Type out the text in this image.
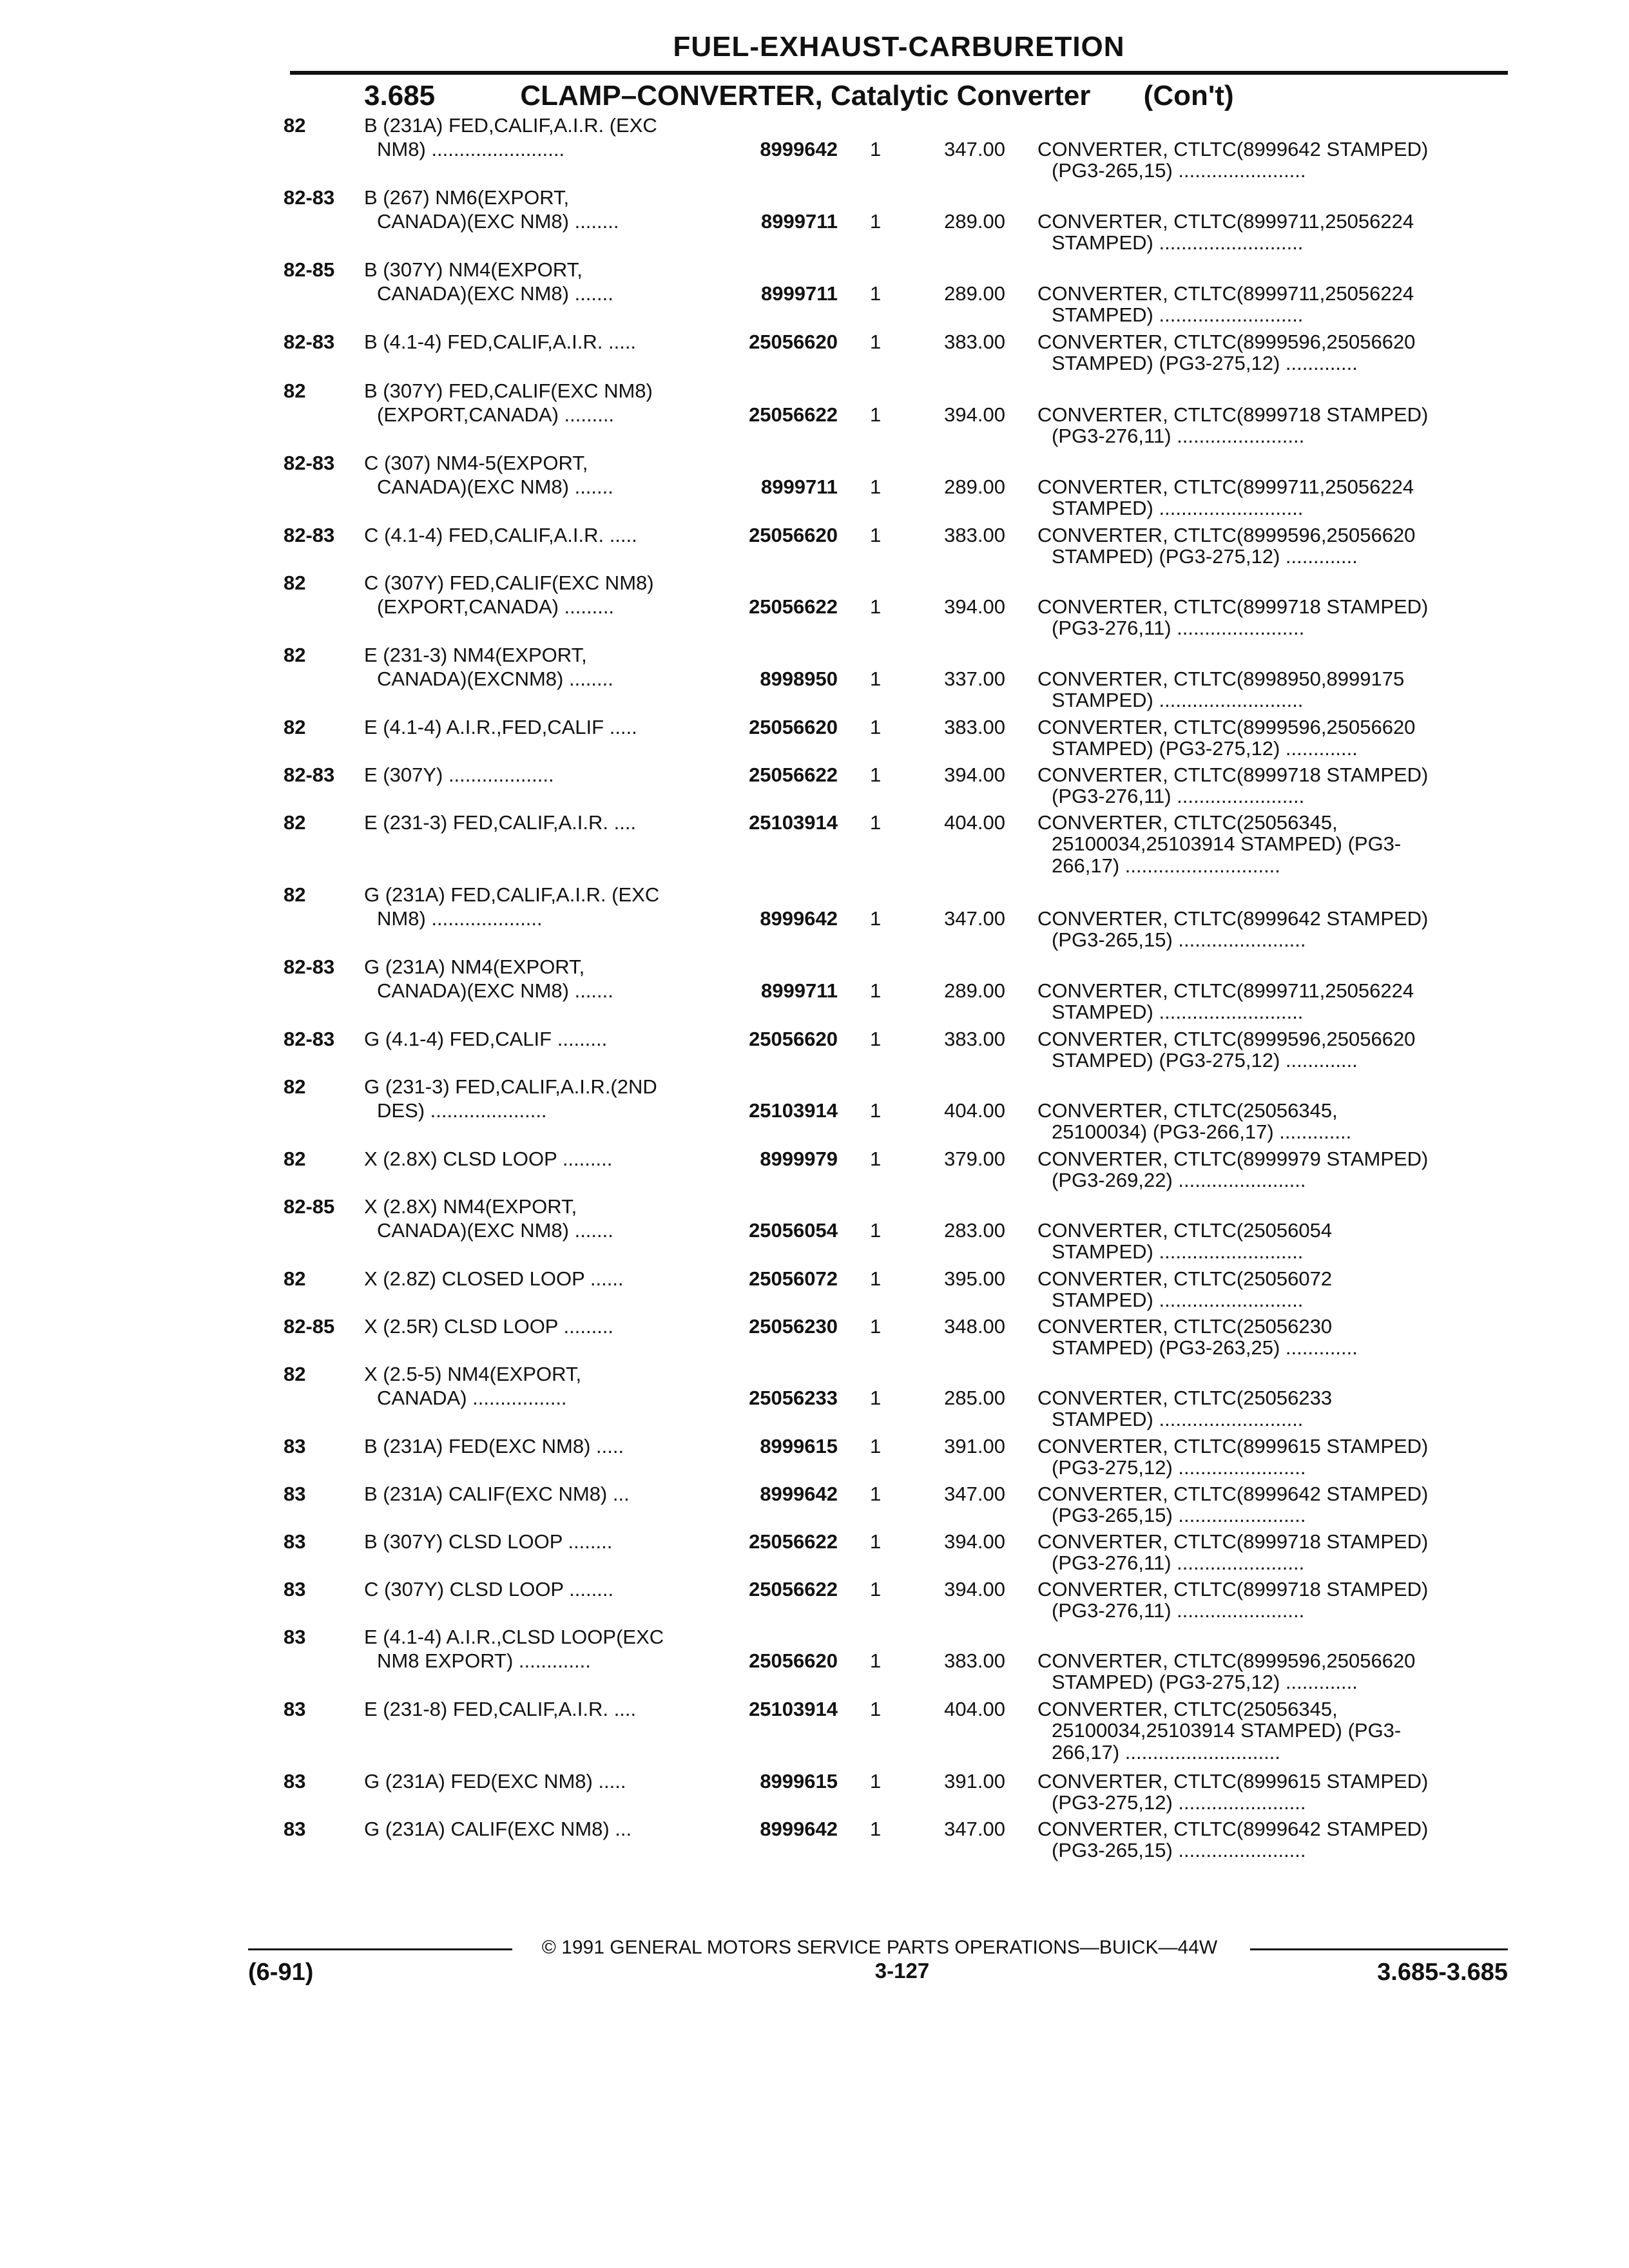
FUEL-EXHAUST-CARBURETION
3.685	CLAMP–CONVERTER, Catalytic Converter (Con't)
82	B (231A) FED,CALIF,A.I.R. (EXC
NM8) ........................	8999642 1	347.00 CONVERTER, CTLTC(8999642 STAMPED)
(PG3-265,15) .......................
82-83 B (267) NM6(EXPORT,
CANADA)(EXC NM8) ........	8999711 1	289.00 CONVERTER, CTLTC(8999711,25056224
STAMPED) ..........................
82-85 B (307Y) NM4(EXPORT,
CANADA)(EXC NM8) .......	8999711 1	289.00 CONVERTER, CTLTC(8999711,25056224
STAMPED) ..........................
82-83 B (4.1-4) FED,CALIF,A.I.R. .....	25056620 1	383.00 CONVERTER, CTLTC(8999596,25056620
STAMPED) (PG3-275,12) .............
82	B (307Y) FED,CALIF(EXC NM8)
(EXPORT,CANADA) .........	25056622 1	394.00 CONVERTER, CTLTC(8999718 STAMPED)
(PG3-276,11) .......................
82-83 C (307) NM4-5(EXPORT,
CANADA)(EXC NM8) .......	8999711 1	289.00 CONVERTER, CTLTC(8999711,25056224
STAMPED) ..........................
82-83 C (4.1-4) FED,CALIF,A.I.R. .....	25056620 1	383.00 CONVERTER, CTLTC(8999596,25056620
STAMPED) (PG3-275,12) .............
82	C (307Y) FED,CALIF(EXC NM8)
(EXPORT,CANADA) .........	25056622 1	394.00 CONVERTER, CTLTC(8999718 STAMPED)
(PG3-276,11) .......................
82	E (231-3) NM4(EXPORT,
CANADA)(EXCNM8) ........	8998950 1	337.00 CONVERTER, CTLTC(8998950,8999175
STAMPED) ..........................
82	E (4.1-4) A.I.R.,FED,CALIF .....	25056620 1	383.00 CONVERTER, CTLTC(8999596,25056620
STAMPED) (PG3-275,12) .............
82-83 E (307Y) ...................	25056622 1	394.00 CONVERTER, CTLTC(8999718 STAMPED)
(PG3-276,11) .......................
82	E (231-3) FED,CALIF,A.I.R. ....	25103914 1	404.00 CONVERTER, CTLTC(25056345,
25100034,25103914 STAMPED) (PG3-
266,17) ............................
82	G (231A) FED,CALIF,A.I.R. (EXC
NM8) ....................	8999642 1	347.00 CONVERTER, CTLTC(8999642 STAMPED)
(PG3-265,15) .......................
82-83 G (231A) NM4(EXPORT,
CANADA)(EXC NM8) .......	8999711 1	289.00 CONVERTER, CTLTC(8999711,25056224
STAMPED) ..........................
82-83 G (4.1-4) FED,CALIF .........	25056620 1	383.00 CONVERTER, CTLTC(8999596,25056620
STAMPED) (PG3-275,12) .............
82	G (231-3) FED,CALIF,A.I.R.(2ND
DES) .....................	25103914 1	404.00 CONVERTER, CTLTC(25056345,
25100034) (PG3-266,17) .............
82	X (2.8X) CLSD LOOP .........	8999979 1	379.00 CONVERTER, CTLTC(8999979 STAMPED)
(PG3-269,22) .......................
82-85 X (2.8X) NM4(EXPORT,
CANADA)(EXC NM8) .......	25056054 1	283.00 CONVERTER, CTLTC(25056054
STAMPED) ..........................
82	X (2.8Z) CLOSED LOOP ......	25056072 1	395.00 CONVERTER, CTLTC(25056072
STAMPED) ..........................
82-85 X (2.5R) CLSD LOOP .........	25056230 1	348.00 CONVERTER, CTLTC(25056230
STAMPED) (PG3-263,25) .............
82	X (2.5-5) NM4(EXPORT,
CANADA) .................	25056233 1	285.00 CONVERTER, CTLTC(25056233
STAMPED) ..........................
83	B (231A) FED(EXC NM8) .....	8999615 1	391.00 CONVERTER, CTLTC(8999615 STAMPED)
(PG3-275,12) .......................
83	B (231A) CALIF(EXC NM8) ...	8999642 1	347.00 CONVERTER, CTLTC(8999642 STAMPED)
(PG3-265,15) .......................
83	B (307Y) CLSD LOOP ........	25056622 1	394.00 CONVERTER, CTLTC(8999718 STAMPED)
(PG3-276,11) .......................
83	C (307Y) CLSD LOOP ........	25056622 1	394.00 CONVERTER, CTLTC(8999718 STAMPED)
(PG3-276,11) .......................
83	E (4.1-4) A.I.R.,CLSD LOOP(EXC
NM8 EXPORT) .............	25056620 1	383.00 CONVERTER, CTLTC(8999596,25056620
STAMPED) (PG3-275,12) .............
83	E (231-8) FED,CALIF,A.I.R. ....	25103914 1	404.00 CONVERTER, CTLTC(25056345,
25100034,25103914 STAMPED) (PG3-
266,17) ............................
83	G (231A) FED(EXC NM8) .....	8999615 1	391.00 CONVERTER, CTLTC(8999615 STAMPED)
(PG3-275,12) .......................
83	G (231A) CALIF(EXC NM8) ...	8999642 1	347.00 CONVERTER, CTLTC(8999642 STAMPED)
(PG3-265,15) .......................
© 1991 GENERAL MOTORS SERVICE PARTS OPERATIONS—BUICK—44W
(6-91)	3-127	3.685-3.685
